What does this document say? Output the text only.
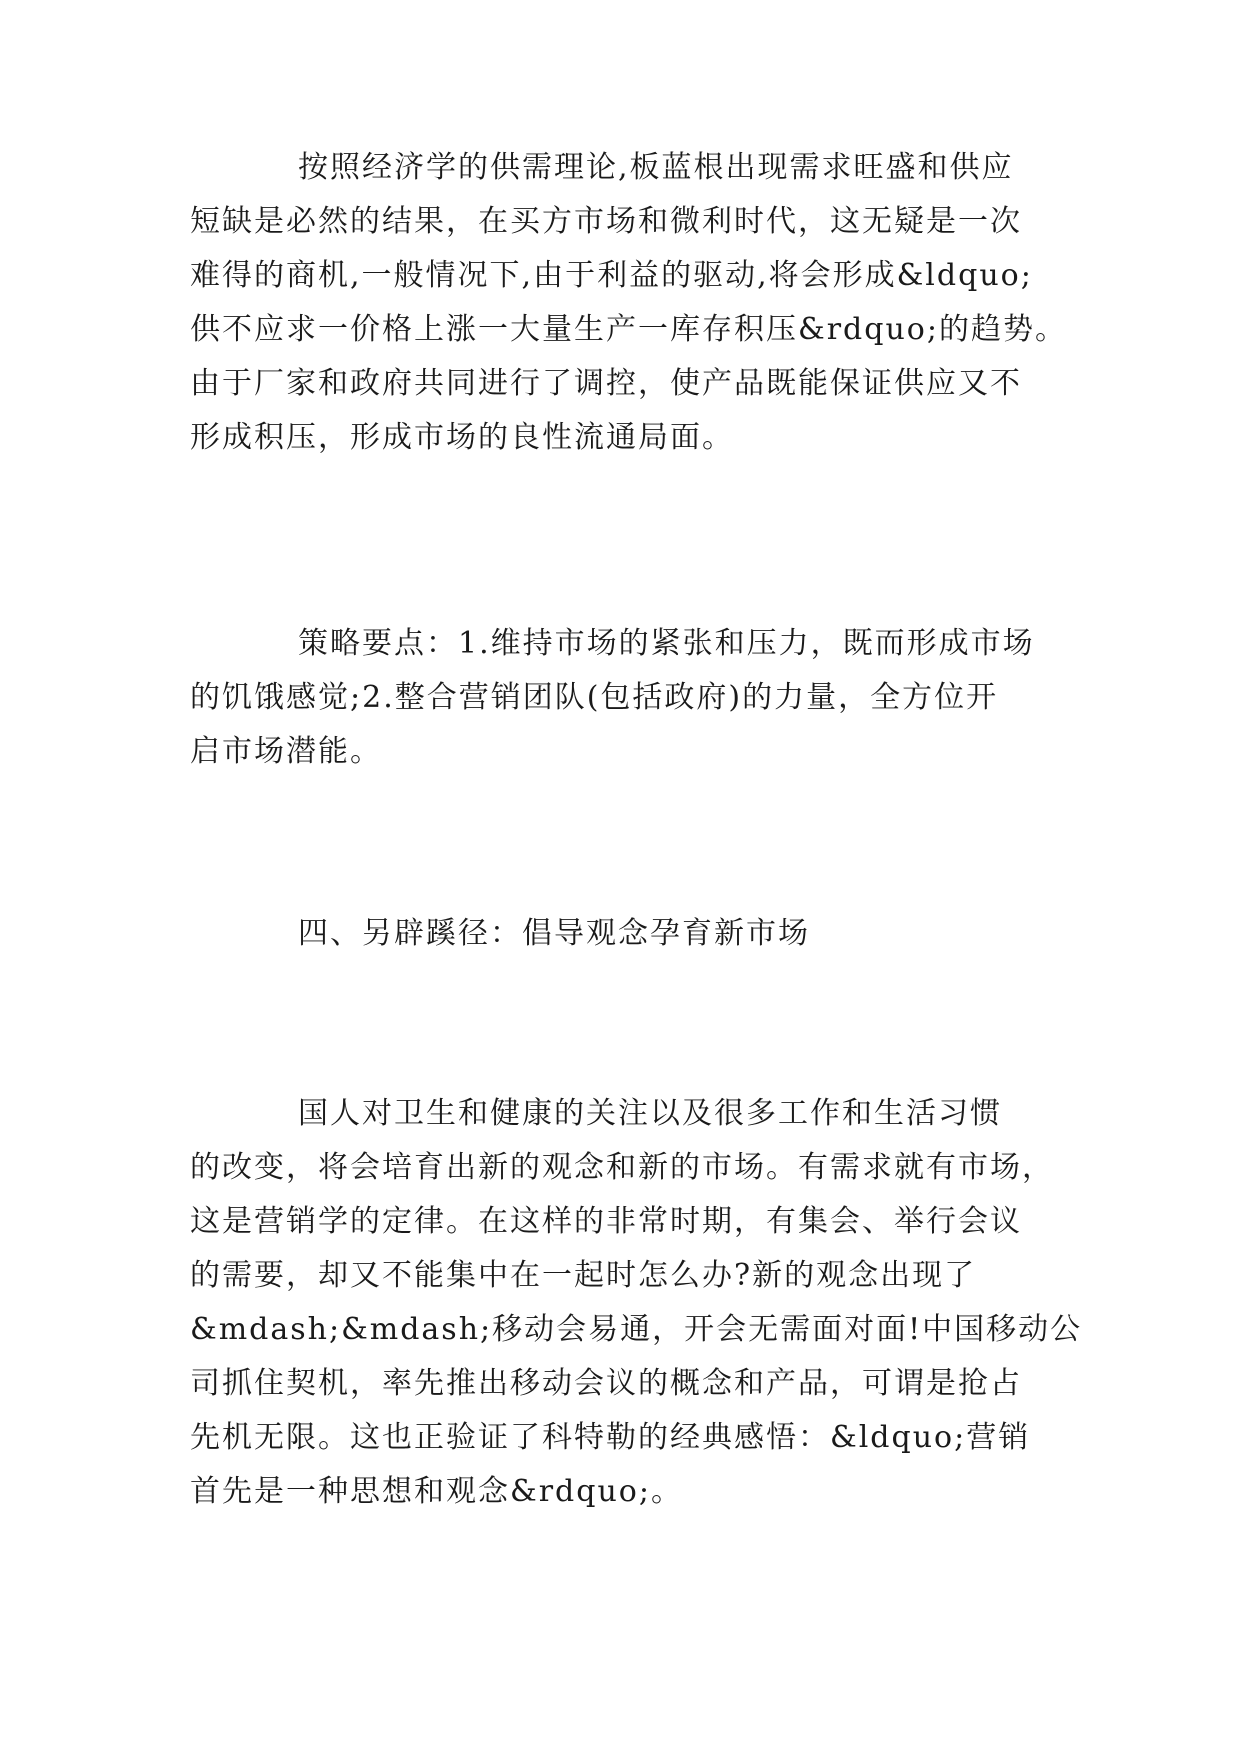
按照经济学的供需理论,板蓝根出现需求旺盛和供应
短缺是必然的结果，在买方市场和微利时代，这无疑是一次
难得的商机,一般情况下,由于利益的驱动,将会形成&ldquo;
供不应求一价格上涨一大量生产一库存积压&rdquo;的趋势。
由于厂家和政府共同进行了调控，使产品既能保证供应又不
形成积压，形成市场的良性流通局面。
策略要点：1.维持市场的紧张和压力，既而形成市场
的饥饿感觉;2.整合营销团队(包括政府)的力量，全方位开
启市场潜能。
四、另辟蹊径：倡导观念孕育新市场
国人对卫生和健康的关注以及很多工作和生活习惯
的改变，将会培育出新的观念和新的市场。有需求就有市场，
这是营销学的定律。在这样的非常时期，有集会、举行会议
的需要，却又不能集中在一起时怎么办?新的观念出现了
&mdash;&mdash;移动会易通，开会无需面对面!中国移动公
司抓住契机，率先推出移动会议的概念和产品，可谓是抢占
先机无限。这也正验证了科特勒的经典感悟：&ldquo;营销
首先是一种思想和观念&rdquo;。
